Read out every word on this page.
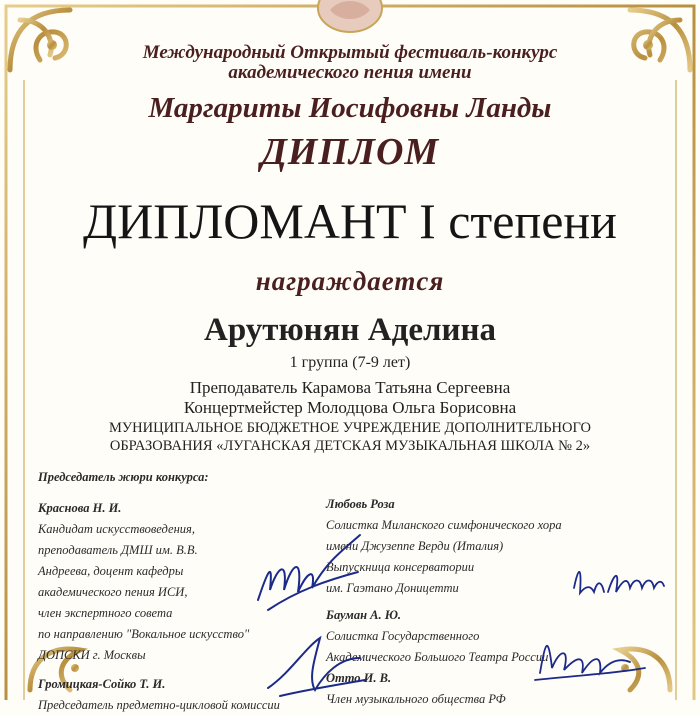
Международный Открытый фестиваль-конкурс
академического пения имени
Маргариты Иосифовны Ланды
ДИПЛОМ
ДИПЛОМАНТ I степени
награждается
Арутюнян Аделина
1 группа (7-9 лет)
Преподаватель Карамова Татьяна Сергеевна
Концертмейстер Молодцова Ольга Борисовна
МУНИЦИПАЛЬНОЕ БЮДЖЕТНОЕ УЧРЕЖДЕНИЕ ДОПОЛНИТЕЛЬНОГО
ОБРАЗОВАНИЯ «ЛУГАНСКАЯ ДЕТСКАЯ МУЗЫКАЛЬНАЯ ШКОЛА № 2»
Председатель жюри конкурса:
Краснова Н. И.
Кандидат искусствоведения,
преподаватель ДМШ им. В.В.
Андреева, доцент кафедры
академического пения ИСИ,
член экспертного совета
по направлению "Вокальное искусство"
ДОПСКИ г. Москвы
Громицкая-Сойко Т. И.
Председатель предметно-цикловой комиссии
Любовь Роза
Солистка Миланского симфонического хора
имени Джузеппе Верди (Италия)
Выпускница консерватории
им. Гаэтано Доницетти
Бауман А. Ю.
Солистка Государственного
Академического Большого Театра России
Отто И. В.
Член музыкального общества РФ
